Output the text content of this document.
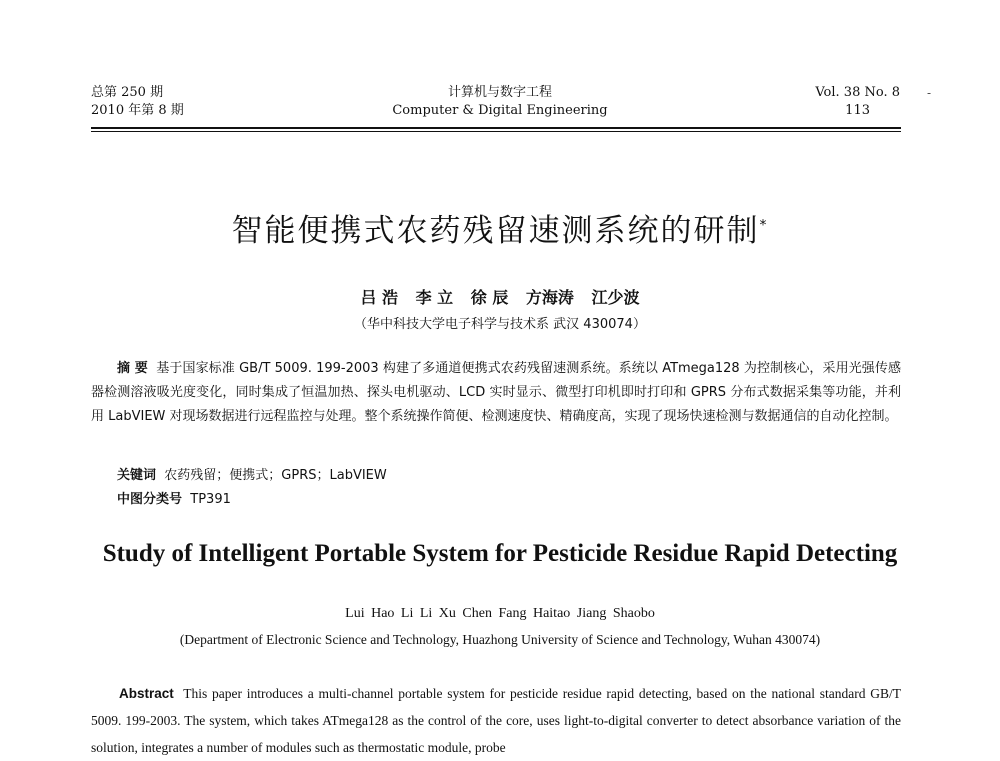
总第 250 期
2010 年第 8 期
计算机与数字工程
Computer & Digital Engineering
Vol. 38 No. 8
113
-
智能便携式农药残留速测系统的研制*
吕 浩 李 立 徐 辰 方海涛 江少波
（华中科技大学电子科学与技术系 武汉 430074）
摘 要 基于国家标准 GB/T 5009. 199-2003 构建了多通道便携式农药残留速测系统。系统以 ATmega128 为控制核心，采用光强传感器检测溶液吸光度变化，同时集成了恒温加热、探头电机驱动、LCD 实时显示、微型打印机即时打印和 GPRS 分布式数据采集等功能，并利用 LabVIEW 对现场数据进行远程监控与处理。整个系统操作简便、检测速度快、精确度高，实现了现场快速检测与数据通信的自动化控制。
关键词 农药残留；便携式；GPRS；LabVIEW
中图分类号 TP391
Study of Intelligent Portable System for Pesticide Residue Rapid Detecting
Lui Hao Li Li Xu Chen Fang Haitao Jiang Shaobo
(Department of Electronic Science and Technology, Huazhong University of Science and Technology, Wuhan 430074)
Abstract This paper introduces a multi-channel portable system for pesticide residue rapid detecting, based on the national standard GB/T 5009. 199-2003. The system, which takes ATmega128 as the control of the core, uses light-to-digital converter to detect absorbance variation of the solution, integrates a number of modules such as thermostatic module, probe
